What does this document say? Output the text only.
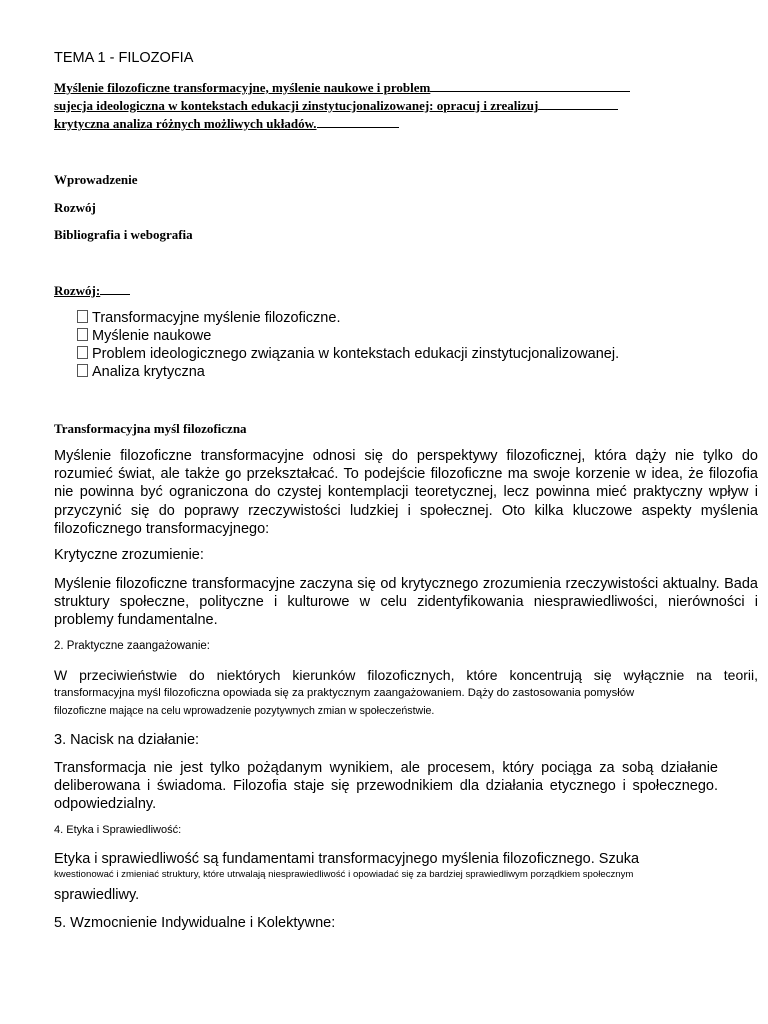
TEMA 1 - FILOZOFIA
Myślenie filozoficzne transformacyjne, myślenie naukowe i problem
sujecja ideologiczna w kontekstach edukacji zinstytucjonalizowanej: opracuj i zrealizuj
krytyczna analiza różnych możliwych układów.
Wprowadzenie
Rozwój
Bibliografia i webografia
Rozwój:
Transformacyjne myślenie filozoficzne.
Myślenie naukowe
Problem ideologicznego związania w kontekstach edukacji zinstytucjonalizowanej.
Analiza krytyczna
Transformacyjna myśl filozoficzna
Myślenie filozoficzne transformacyjne odnosi się do perspektywy filozoficznej, która dąży nie tylko do rozumieć świat, ale także go przekształcać. To podejście filozoficzne ma swoje korzenie w idea, że filozofia nie powinna być ograniczona do czystej kontemplacji teoretycznej, lecz powinna mieć praktyczny wpływ i przyczynić się do poprawy rzeczywistości ludzkiej i społecznej. Oto kilka kluczowe aspekty myślenia filozoficznego transformacyjnego:
Krytyczne zrozumienie:
Myślenie filozoficzne transformacyjne zaczyna się od krytycznego zrozumienia rzeczywistości aktualny. Bada struktury społeczne, polityczne i kulturowe w celu zidentyfikowania niesprawiedliwości, nierówności i problemy fundamentalne.
2. Praktyczne zaangażowanie:
W przeciwieństwie do niektórych kierunków filozoficznych, które koncentrują się wyłącznie na teorii,
transformacyjna myśl filozoficzna opowiada się za praktycznym zaangażowaniem. Dąży do zastosowania pomysłów
filozoficzne mające na celu wprowadzenie pozytywnych zmian w społeczeństwie.
3. Nacisk na działanie:
Transformacja nie jest tylko pożądanym wynikiem, ale procesem, który pociąga za sobą działanie deliberowana i świadoma. Filozofia staje się przewodnikiem dla działania etycznego i społecznego. odpowiedzialny.
4. Etyka i Sprawiedliwość:
Etyka i sprawiedliwość są fundamentami transformacyjnego myślenia filozoficznego. Szuka
kwestionować i zmieniać struktury, które utrwalają niesprawiedliwość i opowiadać się za bardziej sprawiedliwym porządkiem społecznym
sprawiedliwy.
5. Wzmocnienie Indywidualne i Kolektywne:
